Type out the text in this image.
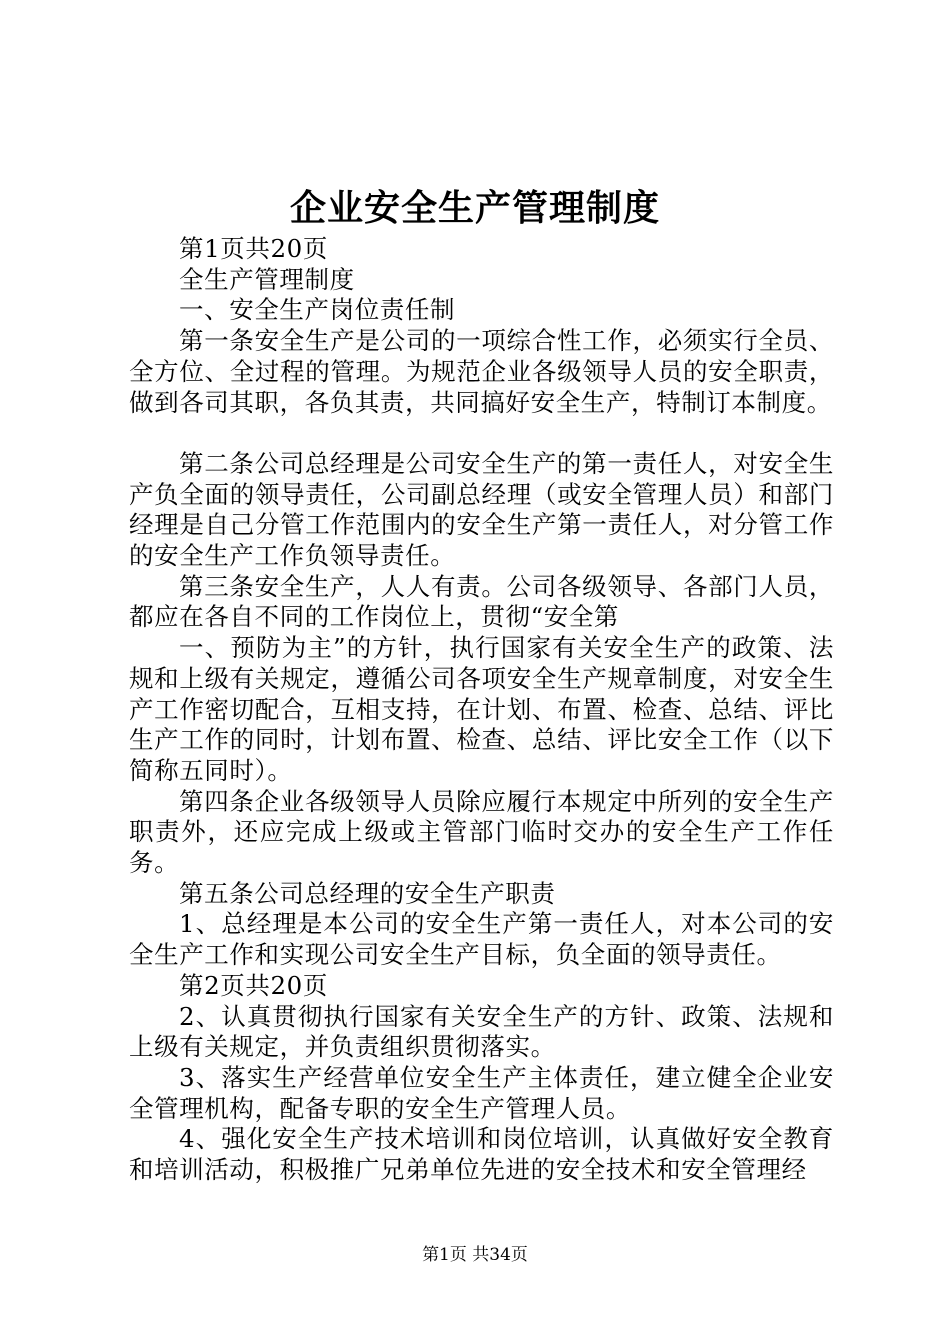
企业安全生产管理制度

第1页共20页

全生产管理制度

一、安全生产岗位责任制

第一条安全生产是公司的一项综合性工作，必须实行全员、全方位、全过程的管理。为规范企业各级领导人员的安全职责，做到各司其职，各负其责，共同搞好安全生产，特制订本制度。

第二条公司总经理是公司安全生产的第一责任人，对安全生产负全面的领导责任，公司副总经理（或安全管理人员）和部门经理是自己分管工作范围内的安全生产第一责任人，对分管工作的安全生产工作负领导责任。

第三条安全生产，人人有责。公司各级领导、各部门人员，都应在各自不同的工作岗位上，贯彻“安全第

一、预防为主”的方针，执行国家有关安全生产的政策、法规和上级有关规定，遵循公司各项安全生产规章制度，对安全生产工作密切配合，互相支持，在计划、布置、检查、总结、评比生产工作的同时，计划布置、检查、总结、评比安全工作（以下简称五同时）。

第四条企业各级领导人员除应履行本规定中所列的安全生产职责外，还应完成上级或主管部门临时交办的安全生产工作任务。

第五条公司总经理的安全生产职责

1、总经理是本公司的安全生产第一责任人，对本公司的安全生产工作和实现公司安全生产目标，负全面的领导责任。

第2页共20页

2、认真贯彻执行国家有关安全生产的方针、政策、法规和上级有关规定，并负责组织贯彻落实。

3、落实生产经营单位安全生产主体责任，建立健全企业安全管理机构，配备专职的安全生产管理人员。

4、强化安全生产技术培训和岗位培训，认真做好安全教育和培训活动，积极推广兄弟单位先进的安全技术和安全管理经

第1页 共34页
